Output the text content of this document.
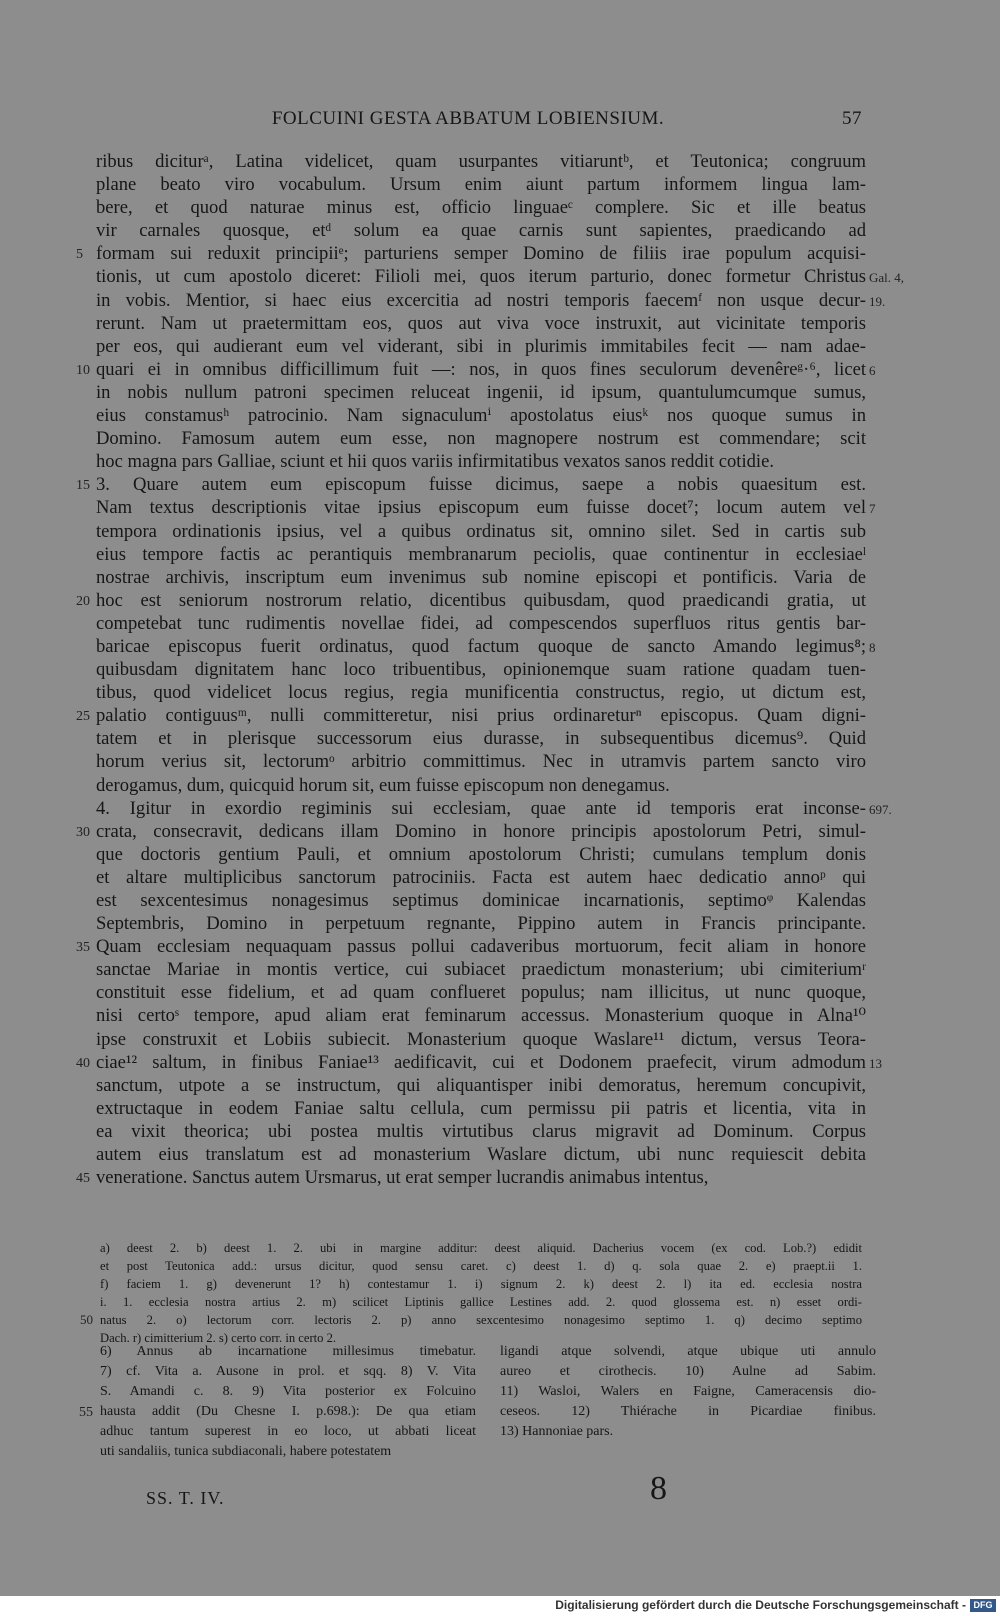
FOLCUINI GESTA ABBATUM LOBIENSIUM.	57
ribus diciturᵃ, Latina videlicet, quam usurpantes vitiaruntᵇ, et Teutonica; congruum
plane beato viro vocabulum. Ursum enim aiunt partum informem lingua lam-
bere, et quod naturae minus est, officio linguaeᶜ complere. Sic et ille beatus
vir carnales quosque, etᵈ solum ea quae carnis sunt sapientes, praedicando ad
5 formam sui reduxit principiiᵉ; parturiens semper Domino de filiis irae populum acquisi-
tionis, ut cum apostolo diceret: Filioli mei, quos iterum parturio, donec formetur Christus Gal. 4,
in vobis. Mentior, si haec eius excercitia ad nostri temporis faecemᶠ non usque decur- 19.
rerunt. Nam ut praetermittam eos, quos aut viva voce instruxit, aut vicinitate temporis
per eos, qui audierant eum vel viderant, sibi in plurimis immitabiles fecit — nam adae-
10 quari ei in omnibus difficillimum fuit —: nos, in quos fines seculorum devenêreᵍ·⁶, licet 6
in nobis nullum patroni specimen reluceat ingenii, id ipsum, quantulumcumque sumus,
eius constamusʰ patrocinio. Nam signaculumⁱ apostolatus eiusᵏ nos quoque sumus in
Domino. Famosum autem eum esse, non magnopere nostrum est commendare; scit
hoc magna pars Galliae, sciunt et hii quos variis infirmitatibus vexatos sanos reddit cotidie.
15 3. Quare autem eum episcopum fuisse dicimus, saepe a nobis quaesitum est.
Nam textus descriptionis vitae ipsius episcopum eum fuisse docet⁷; locum autem vel 7
tempora ordinationis ipsius, vel a quibus ordinatus sit, omnino silet. Sed in cartis sub
eius tempore factis ac perantiquis membranarum peciolis, quae continentur in ecclesiaeˡ
nostrae archivis, inscriptum eum invenimus sub nomine episcopi et pontificis. Varia de
20 hoc est seniorum nostrorum relatio, dicentibus quibusdam, quod praedicandi gratia, ut
competebat tunc rudimentis novellae fidei, ad compescendos superfluos ritus gentis bar-
baricae episcopus fuerit ordinatus, quod factum quoque de sancto Amando legimus⁸; 8
quibusdam dignitatem hanc loco tribuentibus, opinionemque suam ratione quadam tuen-
tibus, quod videlicet locus regius, regia munificentia constructus, regio, ut dictum est,
25 palatio contiguusᵐ, nulli committeretur, nisi prius ordinareturⁿ episcopus. Quam digni-
tatem et in plerisque successorum eius durasse, in subsequentibus dicemus⁹. Quid
horum verius sit, lectorumᵒ arbitrio committimus. Nec in utramvis partem sancto viro
derogamus, dum, quicquid horum sit, eum fuisse episcopum non denegamus.
4. Igitur in exordio regiminis sui ecclesiam, quae ante id temporis erat inconse- 697.
30 crata, consecravit, dedicans illam Domino in honore principis apostolorum Petri, simul-
que doctoris gentium Pauli, et omnium apostolorum Christi; cumulans templum donis
et altare multiplicibus sanctorum patrociniis. Facta est autem haec dedicatio annoᵖ qui
est sexcentesimus nonagesimus septimus dominicae incarnationis, septimoᵠ Kalendas
Septembris, Domino in perpetuum regnante, Pippino autem in Francis principante.
35 Quam ecclesiam nequaquam passus pollui cadaveribus mortuorum, fecit aliam in honore
sanctae Mariae in montis vertice, cui subiacet praedictum monasterium; ubi cimiteriumʳ
constituit esse fidelium, et ad quam conflueret populus; nam illicitus, ut nunc quoque,
nisi certoˢ tempore, apud aliam erat feminarum accessus. Monasterium quoque in Alna¹⁰
ipse construxit et Lobiis subiecit. Monasterium quoque Waslare¹¹ dictum, versus Teora-
40 ciae¹² saltum, in finibus Faniae¹³ aedificavit, cui et Dodonem praefecit, virum admodum 13
sanctum, utpote a se instructum, qui aliquantisper inibi demoratus, heremum concupivit,
extructaque in eodem Faniae saltu cellula, cum permissu pii patris et licentia, vita in
ea vixit theorica; ubi postea multis virtutibus clarus migravit ad Dominum. Corpus
autem eius translatum est ad monasterium Waslare dictum, ubi nunc requiescit debita
45 veneratione. Sanctus autem Ursmarus, ut erat semper lucrandis animabus intentus,
a) deest 2. b) deest 1. 2. ubi in margine additur: deest aliquid. Dacherius vocem (ex cod. Lob.?) edidit
et post Teutonica add.: ursus dicitur, quod sensu caret. c) deest 1. d) q. sola quae 2. e) praept.ii 1.
f) faciem 1. g) devenerunt 1? h) contestamur 1. i) signum 2. k) deest 2. l) ita ed. ecclesia nostra
i. 1. ecclesia nostra artius 2. m) scilicet Liptinis gallice Lestines add. 2. quod glossema est. n) esset ordi-
50 natus 2. o) lectorum corr. lectoris 2. p) anno sexcentesimo nonagesimo septimo 1. q) decimo septimo
Dach. r) cimitterium 2. s) certo corr. in certo 2.
6) Annus ab incarnatione millesimus timebatur.
7) cf. Vita a. Ausone in prol. et sqq. 8) V. Vita
S. Amandi c. 8. 9) Vita posterior ex Folcuino
55 hausta addit (Du Chesne I. p.698.): De qua etiam
adhuc tantum superest in eo loco, ut abbati liceat
uti sandaliis, tunica subdiaconali, habere potestatem
ligandi atque solvendi, atque ubique uti annulo
aureo et cirothecis. 10) Aulne ad Sabim.
11) Wasloi, Walers en Faigne, Cameracensis dio-
ceseos. 12) Thiérache in Picardiae finibus.
13) Hannoniae pars.
SS. T. IV.	8
Digitalisierung gefördert durch die Deutsche Forschungsgemeinschaft - DFG
